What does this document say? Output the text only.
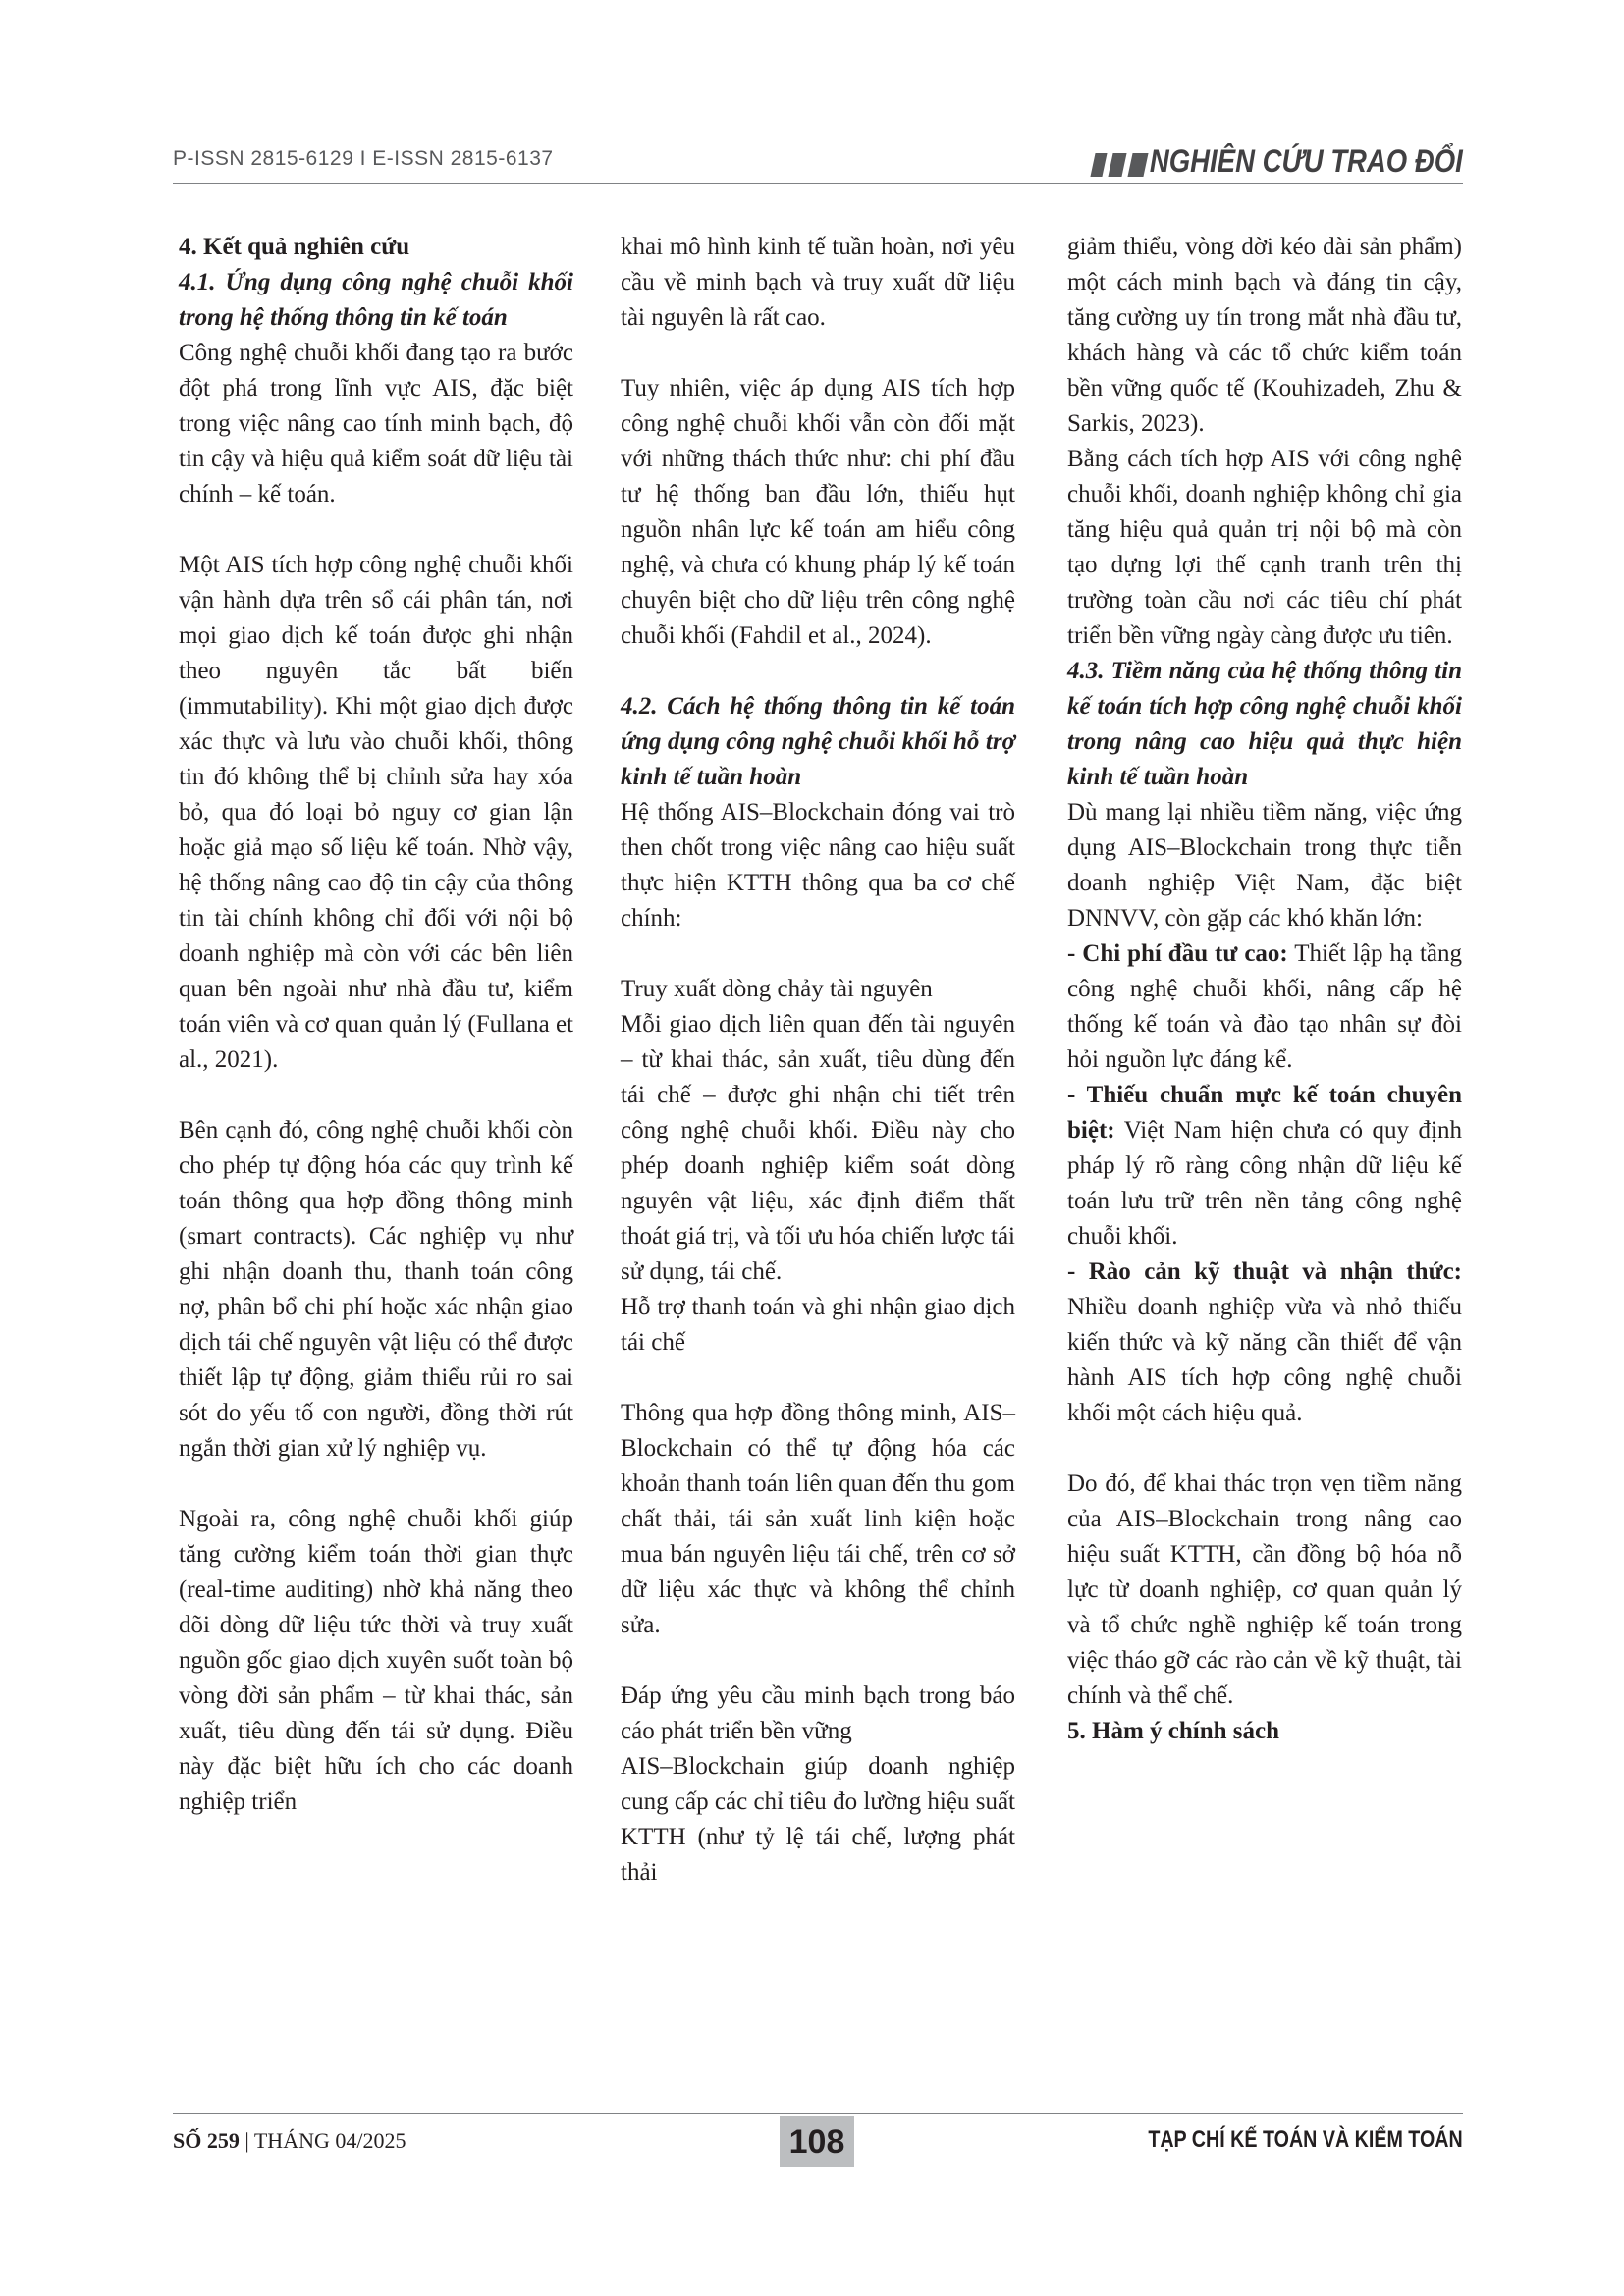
P-ISSN 2815-6129 I E-ISSN 2815-6137	NGHIÊN CỨU TRAO ĐỔI
4. Kết quả nghiên cứu
4.1. Ứng dụng công nghệ chuỗi khối trong hệ thống thông tin kế toán

Công nghệ chuỗi khối đang tạo ra bước đột phá trong lĩnh vực AIS, đặc biệt trong việc nâng cao tính minh bạch, độ tin cậy và hiệu quả kiểm soát dữ liệu tài chính – kế toán.

Một AIS tích hợp công nghệ chuỗi khối vận hành dựa trên sổ cái phân tán, nơi mọi giao dịch kế toán được ghi nhận theo nguyên tắc bất biến (immutability). Khi một giao dịch được xác thực và lưu vào chuỗi khối, thông tin đó không thể bị chỉnh sửa hay xóa bỏ, qua đó loại bỏ nguy cơ gian lận hoặc giả mạo số liệu kế toán. Nhờ vậy, hệ thống nâng cao độ tin cậy của thông tin tài chính không chỉ đối với nội bộ doanh nghiệp mà còn với các bên liên quan bên ngoài như nhà đầu tư, kiểm toán viên và cơ quan quản lý (Fullana et al., 2021).

Bên cạnh đó, công nghệ chuỗi khối còn cho phép tự động hóa các quy trình kế toán thông qua hợp đồng thông minh (smart contracts). Các nghiệp vụ như ghi nhận doanh thu, thanh toán công nợ, phân bổ chi phí hoặc xác nhận giao dịch tái chế nguyên vật liệu có thể được thiết lập tự động, giảm thiểu rủi ro sai sót do yếu tố con người, đồng thời rút ngắn thời gian xử lý nghiệp vụ.

Ngoài ra, công nghệ chuỗi khối giúp tăng cường kiểm toán thời gian thực (real-time auditing) nhờ khả năng theo dõi dòng dữ liệu tức thời và truy xuất nguồn gốc giao dịch xuyên suốt toàn bộ vòng đời sản phẩm – từ khai thác, sản xuất, tiêu dùng đến tái sử dụng. Điều này đặc biệt hữu ích cho các doanh nghiệp triển

khai mô hình kinh tế tuần hoàn, nơi yêu cầu về minh bạch và truy xuất dữ liệu tài nguyên là rất cao.

Tuy nhiên, việc áp dụng AIS tích hợp công nghệ chuỗi khối vẫn còn đối mặt với những thách thức như: chi phí đầu tư hệ thống ban đầu lớn, thiếu hụt nguồn nhân lực kế toán am hiểu công nghệ, và chưa có khung pháp lý kế toán chuyên biệt cho dữ liệu trên công nghệ chuỗi khối (Fahdil et al., 2024).

4.2. Cách hệ thống thông tin kế toán ứng dụng công nghệ chuỗi khối hỗ trợ kinh tế tuần hoàn

Hệ thống AIS–Blockchain đóng vai trò then chốt trong việc nâng cao hiệu suất thực hiện KTTH thông qua ba cơ chế chính:

Truy xuất dòng chảy tài nguyên

Mỗi giao dịch liên quan đến tài nguyên – từ khai thác, sản xuất, tiêu dùng đến tái chế – được ghi nhận chi tiết trên công nghệ chuỗi khối. Điều này cho phép doanh nghiệp kiểm soát dòng nguyên vật liệu, xác định điểm thất thoát giá trị, và tối ưu hóa chiến lược tái sử dụng, tái chế.

Hỗ trợ thanh toán và ghi nhận giao dịch tái chế

Thông qua hợp đồng thông minh, AIS–Blockchain có thể tự động hóa các khoản thanh toán liên quan đến thu gom chất thải, tái sản xuất linh kiện hoặc mua bán nguyên liệu tái chế, trên cơ sở dữ liệu xác thực và không thể chỉnh sửa.

Đáp ứng yêu cầu minh bạch trong báo cáo phát triển bền vững

AIS–Blockchain giúp doanh nghiệp cung cấp các chỉ tiêu đo lường hiệu suất KTTH (như tỷ lệ tái chế, lượng phát thải

giảm thiểu, vòng đời kéo dài sản phẩm) một cách minh bạch và đáng tin cậy, tăng cường uy tín trong mắt nhà đầu tư, khách hàng và các tổ chức kiểm toán bền vững quốc tế (Kouhizadeh, Zhu & Sarkis, 2023).

Bằng cách tích hợp AIS với công nghệ chuỗi khối, doanh nghiệp không chỉ gia tăng hiệu quả quản trị nội bộ mà còn tạo dựng lợi thế cạnh tranh trên thị trường toàn cầu nơi các tiêu chí phát triển bền vững ngày càng được ưu tiên.

4.3. Tiềm năng của hệ thống thông tin kế toán tích hợp công nghệ chuỗi khối trong nâng cao hiệu quả thực hiện kinh tế tuần hoàn

Dù mang lại nhiều tiềm năng, việc ứng dụng AIS–Blockchain trong thực tiễn doanh nghiệp Việt Nam, đặc biệt DNNVV, còn gặp các khó khăn lớn:

- Chi phí đầu tư cao: Thiết lập hạ tầng công nghệ chuỗi khối, nâng cấp hệ thống kế toán và đào tạo nhân sự đòi hỏi nguồn lực đáng kể.

- Thiếu chuẩn mực kế toán chuyên biệt: Việt Nam hiện chưa có quy định pháp lý rõ ràng công nhận dữ liệu kế toán lưu trữ trên nền tảng công nghệ chuỗi khối.

- Rào cản kỹ thuật và nhận thức: Nhiều doanh nghiệp vừa và nhỏ thiếu kiến thức và kỹ năng cần thiết để vận hành AIS tích hợp công nghệ chuỗi khối một cách hiệu quả.

Do đó, để khai thác trọn vẹn tiềm năng của AIS–Blockchain trong nâng cao hiệu suất KTTH, cần đồng bộ hóa nỗ lực từ doanh nghiệp, cơ quan quản lý và tổ chức nghề nghiệp kế toán trong việc tháo gỡ các rào cản về kỹ thuật, tài chính và thể chế.

5. Hàm ý chính sách
SỐ 259 | THÁNG 04/2025	108	TẠP CHÍ KẾ TOÁN VÀ KIỂM TOÁN
